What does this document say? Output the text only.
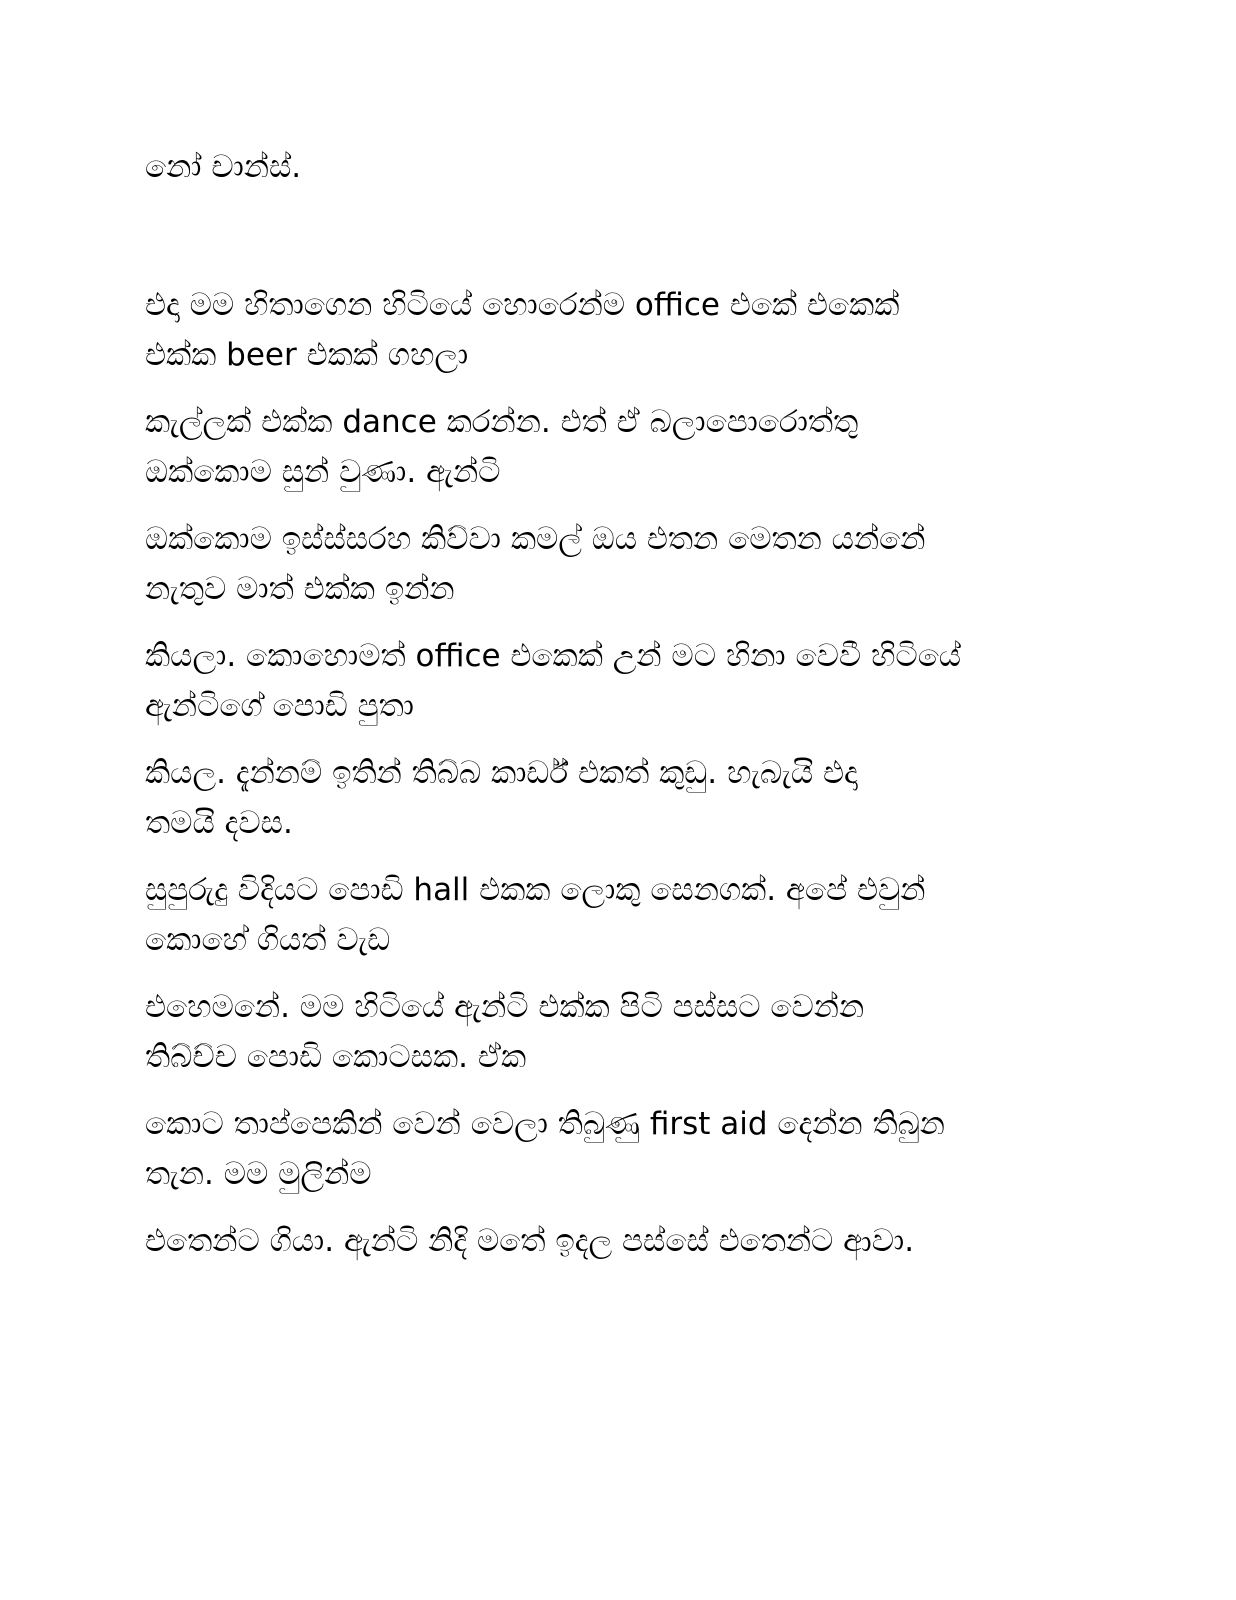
නෝ චාන්ස්.
එදා මම හිතාගෙන හිටියේ හොරෙන්ම office එකේ එකෙක්
එක්ක beer එකක් ගහලා
කැල්ලක් එක්ක dance කරන්න. එත් ඒ බලාපොරොත්තු
ඔක්කොම සුන් වුණා. ඇන්ටි
ඔක්කොම ඉස්ස්සරහ කිව්වා කමල් ඔය එතන මෙතන යන්නේ
නැතුව මාත් එක්ක ඉන්න
කියලා. කොහොමත් office එකෙක් උන් මට හිනා වෙවී හිටියේ
ඇන්ටිගේ පොඩි පුතා
කියල. දැන්නම් ඉතින් තිබ්බ කාර්ඩ් එකත් කුඩු. හැබැයි එදා
තමයි දවස.
සුපුරුදු විදියට පොඩි hall එකක ලොකු සෙනගක්. අපේ එවුන්
කොහේ ගියත් වැඩ
එහෙමනේ. මම හිටියේ ඇන්ටි එක්ක පිටි පස්සට වෙන්න
තිබ්ච්ච පොඩි කොටසක. ඒක
කොට තාප්පෙකින් වෙන් වෙලා තිබුණු first aid දෙන්න තිබුන
තැන. මම මුලින්ම
එතෙන්ට ගියා. ඇන්ටි නිදි මතේ ඉදල පස්සේ එතෙන්ට ආවා.
